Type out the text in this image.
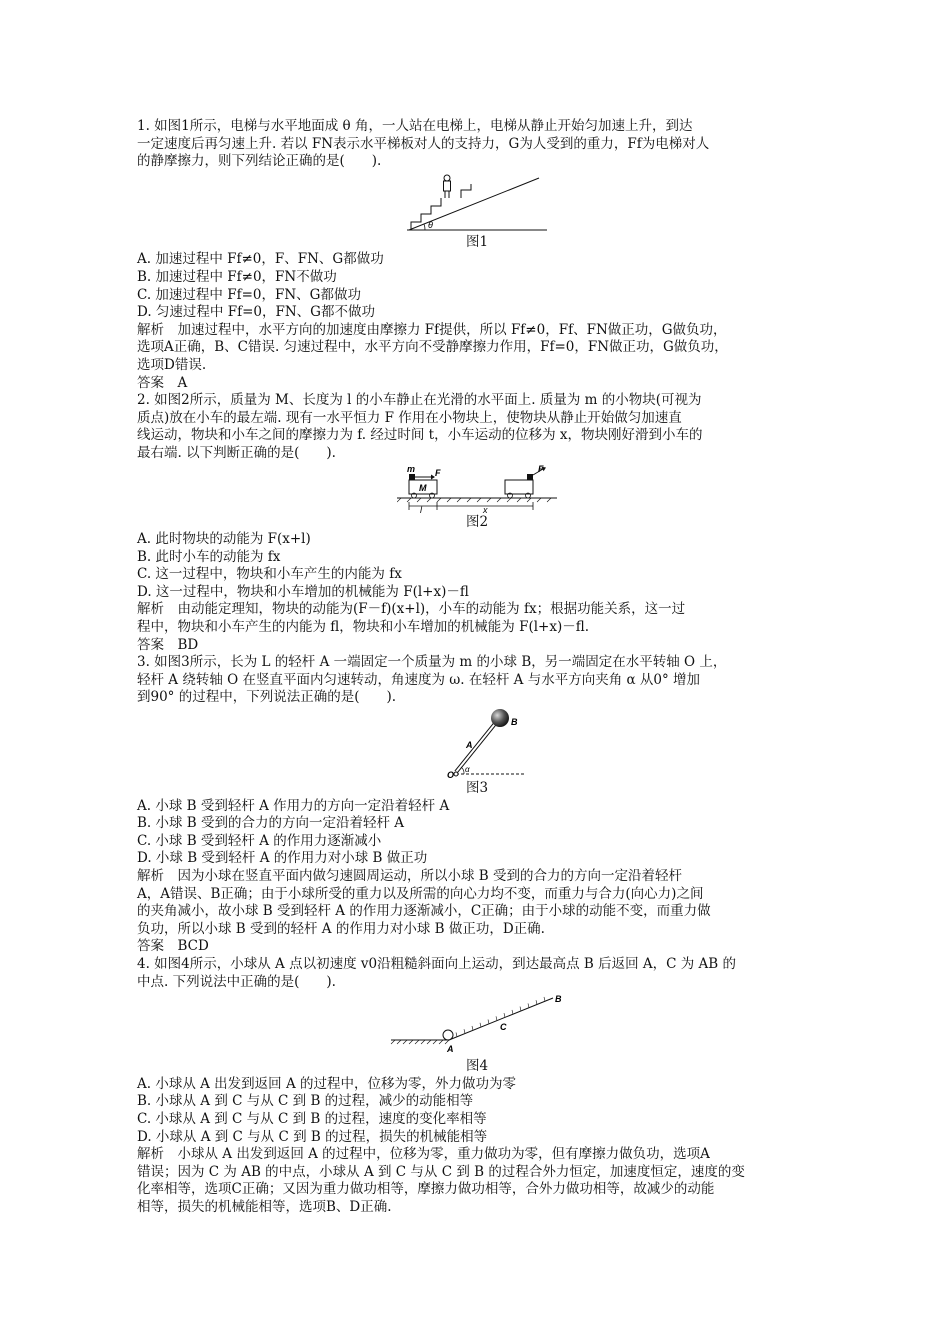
1. 如图1所示，电梯与水平地面成 θ 角，一人站在电梯上，电梯从静止开始匀加速上升，到达
一定速度后再匀速上升. 若以 FN表示水平梯板对人的支持力，G为人受到的重力，Ff为电梯对人
的静摩擦力，则下列结论正确的是(　　).
θ
图1
A. 加速过程中 Ff≠0，F、FN、G都做功
B. 加速过程中 Ff≠0，FN不做功
C. 加速过程中 Ff=0，FN、G都做功
D. 匀速过程中 Ff=0，FN、G都不做功
解析　加速过程中，水平方向的加速度由摩擦力 Ff提供，所以 Ff≠0，Ff、FN做正功，G做负功，
选项A正确，B、C错误. 匀速过程中，水平方向不受静摩擦力作用，Ff=0，FN做正功，G做负功，
选项D错误.
答案　A
2. 如图2所示，质量为 M、长度为 l 的小车静止在光滑的水平面上. 质量为 m 的小物块(可视为
质点)放在小车的最左端. 现有一水平恒力 F 作用在小物块上，使物块从静止开始做匀加速直
线运动，物块和小车之间的摩擦力为 f. 经过时间 t，小车运动的位移为 x，物块刚好滑到小车的
最右端. 以下判断正确的是(　　).
m F
M
F
l	x
图2
A. 此时物块的动能为 F(x+l)
B. 此时小车的动能为 fx
C. 这一过程中，物块和小车产生的内能为 fx
D. 这一过程中，物块和小车增加的机械能为 F(l+x)－fl
解析　由动能定理知，物块的动能为(F－f)(x+l)，小车的动能为 fx；根据功能关系，这一过
程中，物块和小车产生的内能为 fl，物块和小车增加的机械能为 F(l+x)－fl.
答案　BD
3. 如图3所示，长为 L 的轻杆 A 一端固定一个质量为 m 的小球 B，另一端固定在水平转轴 O 上，
轻杆 A 绕转轴 O 在竖直平面内匀速转动，角速度为 ω. 在轻杆 A 与水平方向夹角 α 从0° 增加
到90° 的过程中，下列说法正确的是(　　).
B
A
O
α
图3
A. 小球 B 受到轻杆 A 作用力的方向一定沿着轻杆 A
B. 小球 B 受到的合力的方向一定沿着轻杆 A
C. 小球 B 受到轻杆 A 的作用力逐渐减小
D. 小球 B 受到轻杆 A 的作用力对小球 B 做正功
解析　因为小球在竖直平面内做匀速圆周运动，所以小球 B 受到的合力的方向一定沿着轻杆
A，A错误、B正确；由于小球所受的重力以及所需的向心力均不变，而重力与合力(向心力)之间
的夹角减小，故小球 B 受到轻杆 A 的作用力逐渐减小，C正确；由于小球的动能不变，而重力做
负功，所以小球 B 受到的轻杆 A 的作用力对小球 B 做正功，D正确.
答案　BCD
4. 如图4所示，小球从 A 点以初速度 v0沿粗糙斜面向上运动，到达最高点 B 后返回 A，C 为 AB 的
中点. 下列说法中正确的是(　　).
A
C
B
图4
A. 小球从 A 出发到返回 A 的过程中，位移为零，外力做功为零
B. 小球从 A 到 C 与从 C 到 B 的过程，减少的动能相等
C. 小球从 A 到 C 与从 C 到 B 的过程，速度的变化率相等
D. 小球从 A 到 C 与从 C 到 B 的过程，损失的机械能相等
解析　小球从 A 出发到返回 A 的过程中，位移为零，重力做功为零，但有摩擦力做负功，选项A
错误；因为 C 为 AB 的中点，小球从 A 到 C 与从 C 到 B 的过程合外力恒定，加速度恒定，速度的变
化率相等，选项C正确；又因为重力做功相等，摩擦力做功相等，合外力做功相等，故减少的动能
相等，损失的机械能相等，选项B、D正确.
